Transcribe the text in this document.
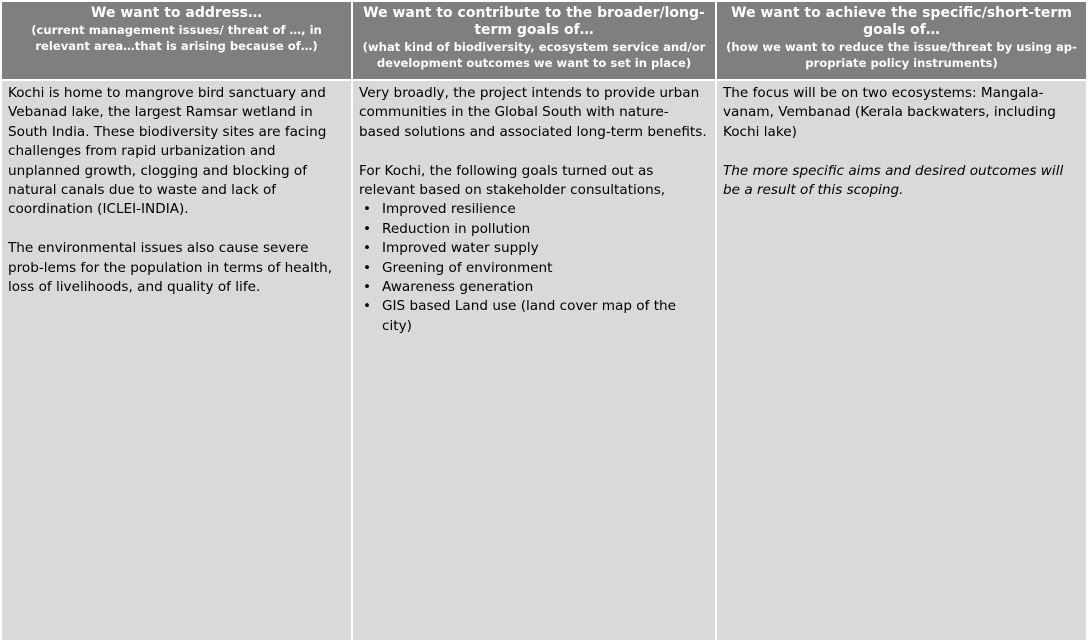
We want to address…
(current management issues/ threat of …, in relevant area…that is arising because of…)
We want to contribute to the broader/long-term goals of…
(what kind of biodiversity, ecosystem service and/or development outcomes we want to set in place)
We want to achieve the specific/short-term goals of…
(how we want to reduce the issue/threat by using ap-propriate policy instruments)

Kochi is home to mangrove bird sanctuary and Vebanad lake, the largest Ramsar wetland in South India. These biodiversity sites are facing challenges from rapid urbanization and unplanned growth, clogging and blocking of natural canals due to waste and lack of coordination (ICLEI-INDIA).

The environmental issues also cause severe prob-lems for the population in terms of health, loss of livelihoods, and quality of life.

Very broadly, the project intends to provide urban communities in the Global South with nature-based solutions and associated long-term benefits.

For Kochi, the following goals turned out as relevant based on stakeholder consultations,

• Improved resilience
• Reduction in pollution
• Improved water supply
• Greening of environment
• Awareness generation
• GIS based Land use (land cover map of the city)

The focus will be on two ecosystems: Mangala-vanam, Vembanad (Kerala backwaters, including Kochi lake)

The more specific aims and desired outcomes will be a result of this scoping.
